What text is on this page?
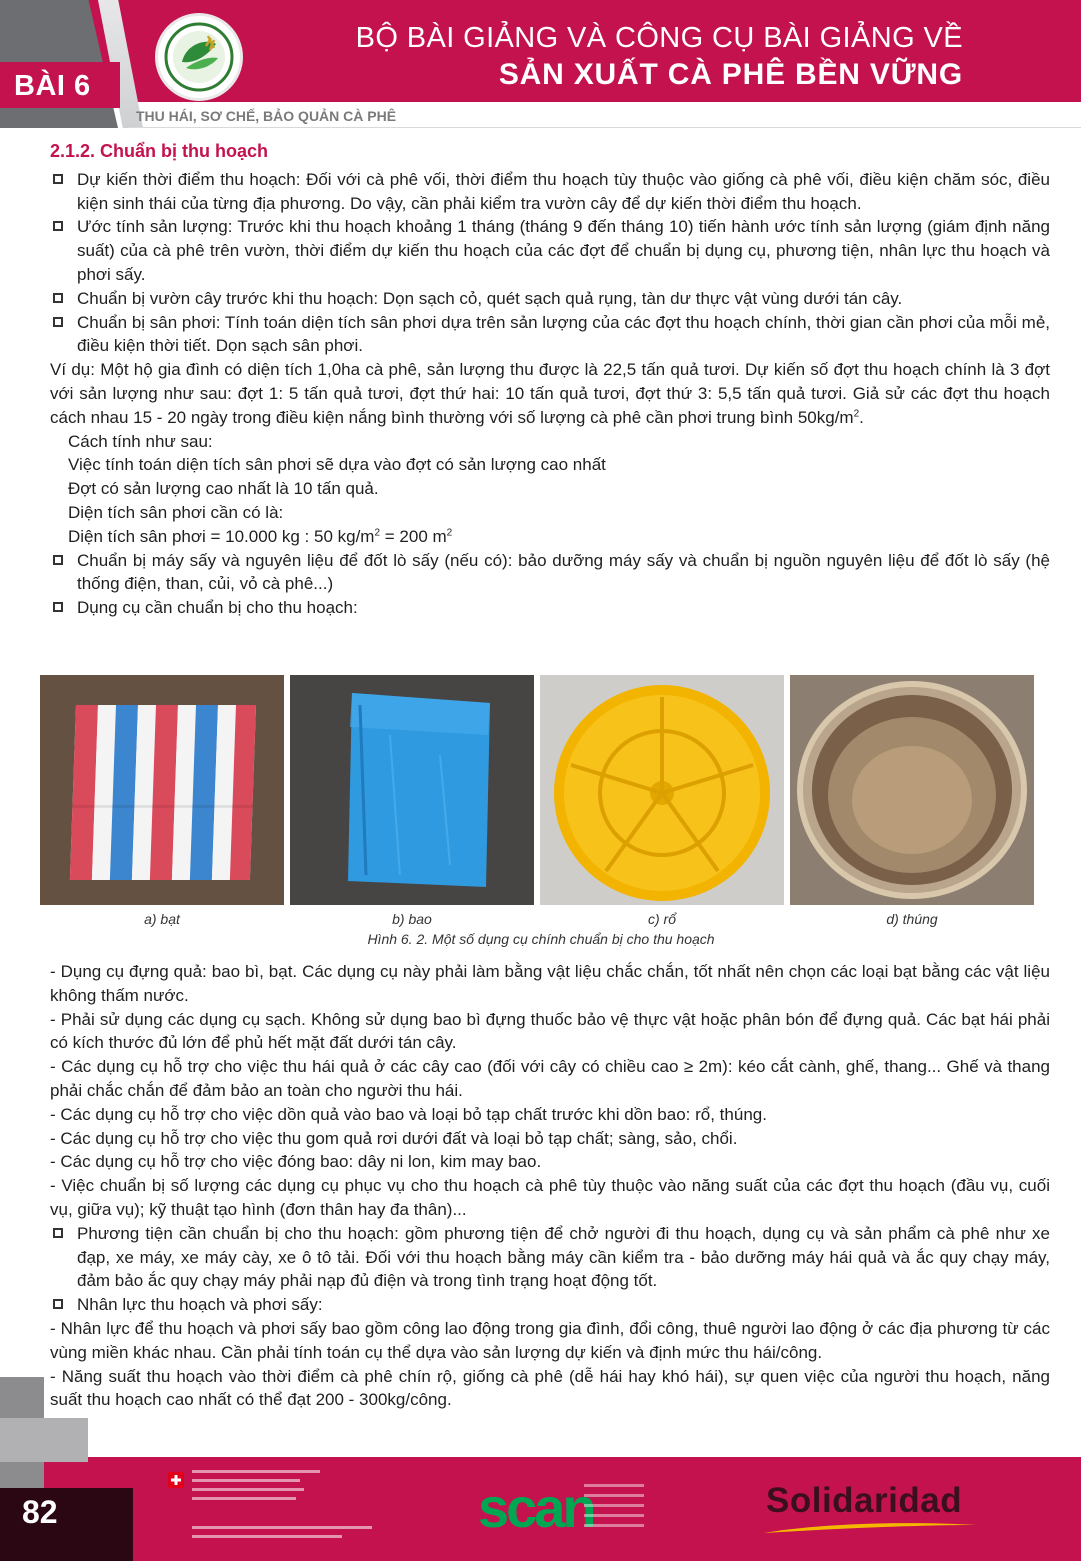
BÀI 6
BỘ BÀI GIẢNG VÀ CÔNG CỤ BÀI GIẢNG VỀ
SẢN XUẤT CÀ PHÊ BỀN VỮNG
THU HÁI, SƠ CHẾ, BẢO QUẢN CÀ PHÊ
2.1.2. Chuẩn bị thu hoạch
Dự kiến thời điểm thu hoạch: Đối với cà phê vối, thời điểm thu hoạch tùy thuộc vào giống cà phê vối, điều kiện chăm sóc, điều kiện sinh thái của từng địa phương. Do vậy, cần phải kiểm tra vườn cây để dự kiến thời điểm thu hoạch.
Ước tính sản lượng: Trước khi thu hoạch khoảng 1 tháng (tháng 9 đến tháng 10) tiến hành ước tính sản lượng (giám định năng suất) của cà phê trên vườn, thời điểm dự kiến thu hoạch của các đợt để chuẩn bị dụng cụ, phương tiện, nhân lực thu hoạch và phơi sấy.
Chuẩn bị vườn cây trước khi thu hoạch: Dọn sạch cỏ, quét sạch quả rụng, tàn dư thực vật vùng dưới tán cây.
Chuẩn bị sân phơi: Tính toán diện tích sân phơi dựa trên sản lượng của các đợt thu hoạch chính, thời gian cần phơi của mỗi mẻ, điều kiện thời tiết. Dọn sạch sân phơi.
Ví dụ: Một hộ gia đình có diện tích 1,0ha cà phê, sản lượng thu được là 22,5 tấn quả tươi. Dự kiến số đợt thu hoạch chính là 3 đợt với sản lượng như sau: đợt 1: 5 tấn quả tươi, đợt thứ hai: 10 tấn quả tươi, đợt thứ 3: 5,5 tấn quả tươi. Giả sử các đợt thu hoạch cách nhau 15 - 20 ngày trong điều kiện nắng bình thường với số lượng cà phê cần phơi trung bình $50kg/m^2$.
Cách tính như sau:
Việc tính toán diện tích sân phơi sẽ dựa vào đợt có sản lượng cao nhất
Đợt có sản lượng cao nhất là 10 tấn quả.
Diện tích sân phơi cần có là:
Diện tích sân phơi = 10.000 kg : 50 $kg/m^2 = 200$ $m^2$
Chuẩn bị máy sấy và nguyên liệu để đốt lò sấy (nếu có): bảo dưỡng máy sấy và chuẩn bị nguồn nguyên liệu để đốt lò sấy (hệ thống điện, than, củi, vỏ cà phê...)
Dụng cụ cần chuẩn bị cho thu hoạch:
a) bạt	b) bao	c) rổ	d) thúng
Hình 6. 2. Một số dụng cụ chính chuẩn bị cho thu hoạch
- Dụng cụ đựng quả: bao bì, bạt. Các dụng cụ này phải làm bằng vật liệu chắc chắn, tốt nhất nên chọn các loại bạt bằng các vật liệu không thấm nước.
- Phải sử dụng các dụng cụ sạch. Không sử dụng bao bì đựng thuốc bảo vệ thực vật hoặc phân bón để đựng quả. Các bạt hái phải có kích thước đủ lớn để phủ hết mặt đất dưới tán cây.
- Các dụng cụ hỗ trợ cho việc thu hái quả ở các cây cao (đối với cây có chiều cao ≥ 2m): kéo cắt cành, ghế, thang... Ghế và thang phải chắc chắn để đảm bảo an toàn cho người thu hái.
- Các dụng cụ hỗ trợ cho việc dồn quả vào bao và loại bỏ tạp chất trước khi dồn bao: rổ, thúng.
- Các dụng cụ hỗ trợ cho việc thu gom quả rơi dưới đất và loại bỏ tạp chất; sàng, sảo, chổi.
- Các dụng cụ hỗ trợ cho việc đóng bao: dây ni lon, kim may bao.
- Việc chuẩn bị số lượng các dụng cụ phục vụ cho thu hoạch cà phê tùy thuộc vào năng suất của các đợt thu hoạch (đầu vụ, cuối vụ, giữa vụ); kỹ thuật tạo hình (đơn thân hay đa thân)...
Phương tiện cần chuẩn bị cho thu hoạch: gồm phương tiện để chở người đi thu hoạch, dụng cụ và sản phẩm cà phê như xe đạp, xe máy, xe máy cày, xe ô tô tải. Đối với thu hoạch bằng máy cần kiểm tra - bảo dưỡng máy hái quả và ắc quy chạy máy, đảm bảo ắc quy chạy máy phải nạp đủ điện và trong tình trạng hoạt động tốt.
Nhân lực thu hoạch và phơi sấy:
- Nhân lực để thu hoạch và phơi sấy bao gồm công lao động trong gia đình, đổi công, thuê người lao động ở các địa phương từ các vùng miền khác nhau. Cần phải tính toán cụ thể dựa vào sản lượng dự kiến và định mức thu hái/công.
- Năng suất thu hoạch vào thời điểm cà phê chín rộ, giống cà phê (dễ hái hay khó hái), sự quen việc của người thu hoạch, năng suất thu hoạch cao nhất có thể đạt 200 - 300kg/công.
82	scan	Solidaridad
